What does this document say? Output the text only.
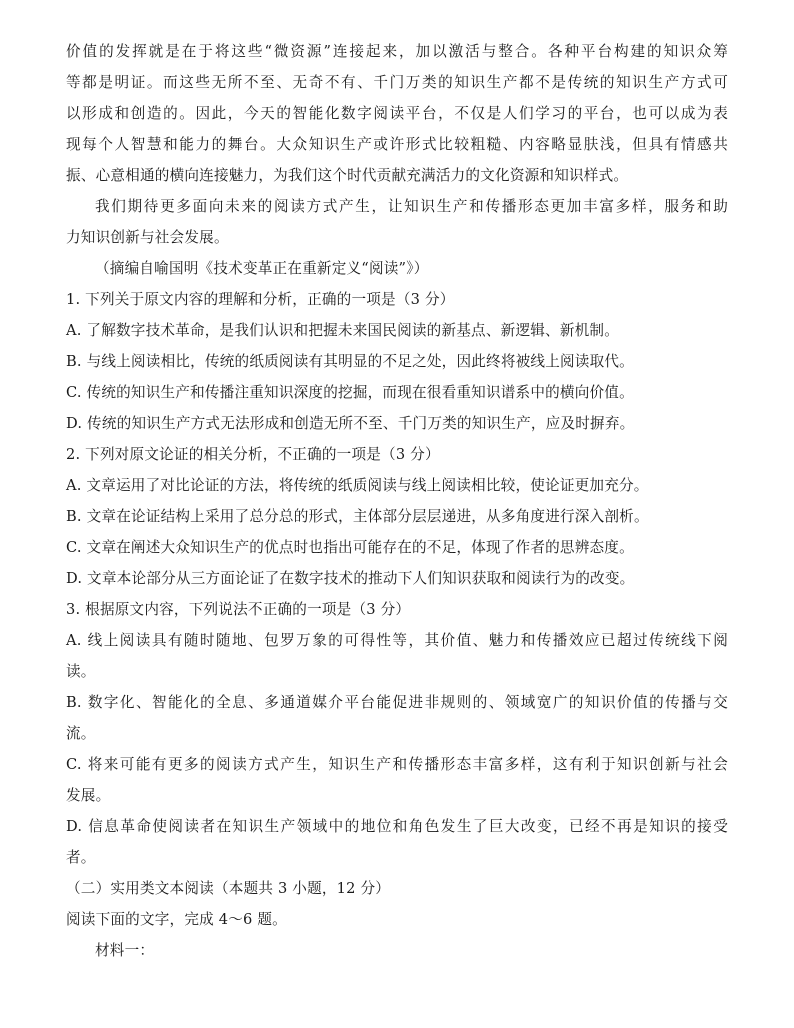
价值的发挥就是在于将这些“微资源”连接起来，加以激活与整合。各种平台构建的知识众筹
等都是明证。而这些无所不至、无奇不有、千门万类的知识生产都不是传统的知识生产方式可
以形成和创造的。因此，今天的智能化数字阅读平台，不仅是人们学习的平台，也可以成为表
现每个人智慧和能力的舞台。大众知识生产或许形式比较粗糙、内容略显肤浅，但具有情感共
振、心意相通的横向连接魅力，为我们这个时代贡献充满活力的文化资源和知识样式。
我们期待更多面向未来的阅读方式产生，让知识生产和传播形态更加丰富多样，服务和助
力知识创新与社会发展。
（摘编自喻国明《技术变革正在重新定义“阅读”》）
1. 下列关于原文内容的理解和分析，正确的一项是（3 分）
A. 了解数字技术革命，是我们认识和把握未来国民阅读的新基点、新逻辑、新机制。
B. 与线上阅读相比，传统的纸质阅读有其明显的不足之处，因此终将被线上阅读取代。
C. 传统的知识生产和传播注重知识深度的挖掘，而现在很看重知识谱系中的横向价值。
D. 传统的知识生产方式无法形成和创造无所不至、千门万类的知识生产，应及时摒弃。
2. 下列对原文论证的相关分析，不正确的一项是（3 分）
A. 文章运用了对比论证的方法，将传统的纸质阅读与线上阅读相比较，使论证更加充分。
B. 文章在论证结构上采用了总分总的形式，主体部分层层递进，从多角度进行深入剖析。
C. 文章在阐述大众知识生产的优点时也指出可能存在的不足，体现了作者的思辨态度。
D. 文章本论部分从三方面论证了在数字技术的推动下人们知识获取和阅读行为的改变。
3. 根据原文内容，下列说法不正确的一项是（3 分）
A. 线上阅读具有随时随地、包罗万象的可得性等，其价值、魅力和传播效应已超过传统线下阅
读。
B. 数字化、智能化的全息、多通道媒介平台能促进非规则的、领域宽广的知识价值的传播与交
流。
C. 将来可能有更多的阅读方式产生，知识生产和传播形态丰富多样，这有利于知识创新与社会
发展。
D. 信息革命使阅读者在知识生产领域中的地位和角色发生了巨大改变，已经不再是知识的接受
者。
（二）实用类文本阅读（本题共 3 小题，12 分）
阅读下面的文字，完成 4～6 题。
材料一：
